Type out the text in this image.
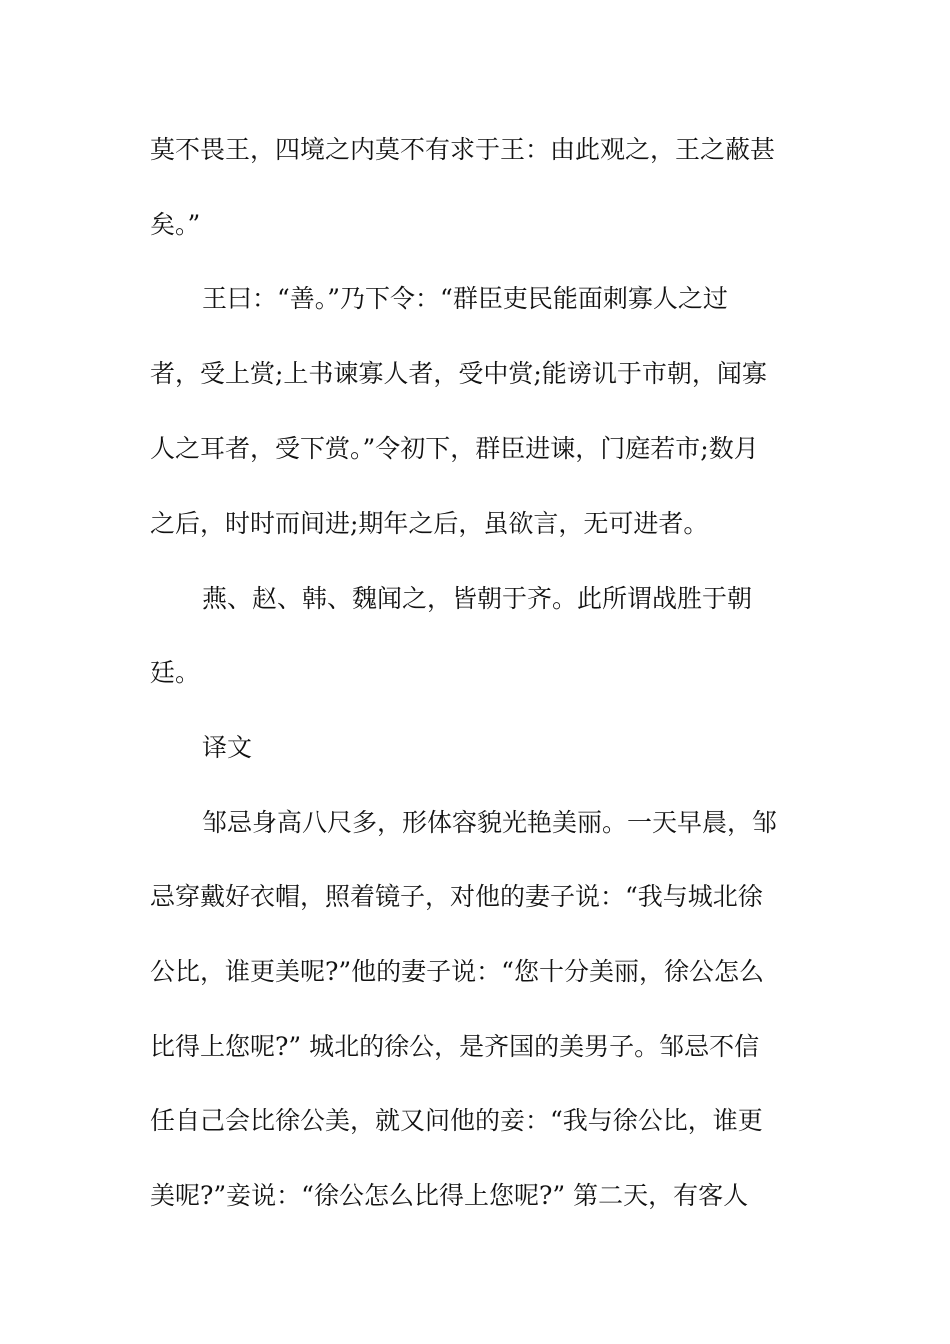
莫不畏王，四境之内莫不有求于王：由此观之，王之蔽甚
矣。”
王曰：“善。”乃下令：“群臣吏民能面刺寡人之过
者，受上赏;上书谏寡人者，受中赏;能谤讥于市朝，闻寡
人之耳者，受下赏。”令初下，群臣进谏，门庭若市;数月
之后，时时而间进;期年之后，虽欲言，无可进者。
燕、赵、韩、魏闻之，皆朝于齐。此所谓战胜于朝
廷。
译文
邹忌身高八尺多，形体容貌光艳美丽。一天早晨，邹
忌穿戴好衣帽，照着镜子，对他的妻子说：“我与城北徐
公比，谁更美呢?”他的妻子说：“您十分美丽，徐公怎么
比得上您呢?” 城北的徐公，是齐国的美男子。邹忌不信
任自己会比徐公美，就又问他的妾：“我与徐公比，谁更
美呢?”妾说：“徐公怎么比得上您呢?” 第二天，有客人
